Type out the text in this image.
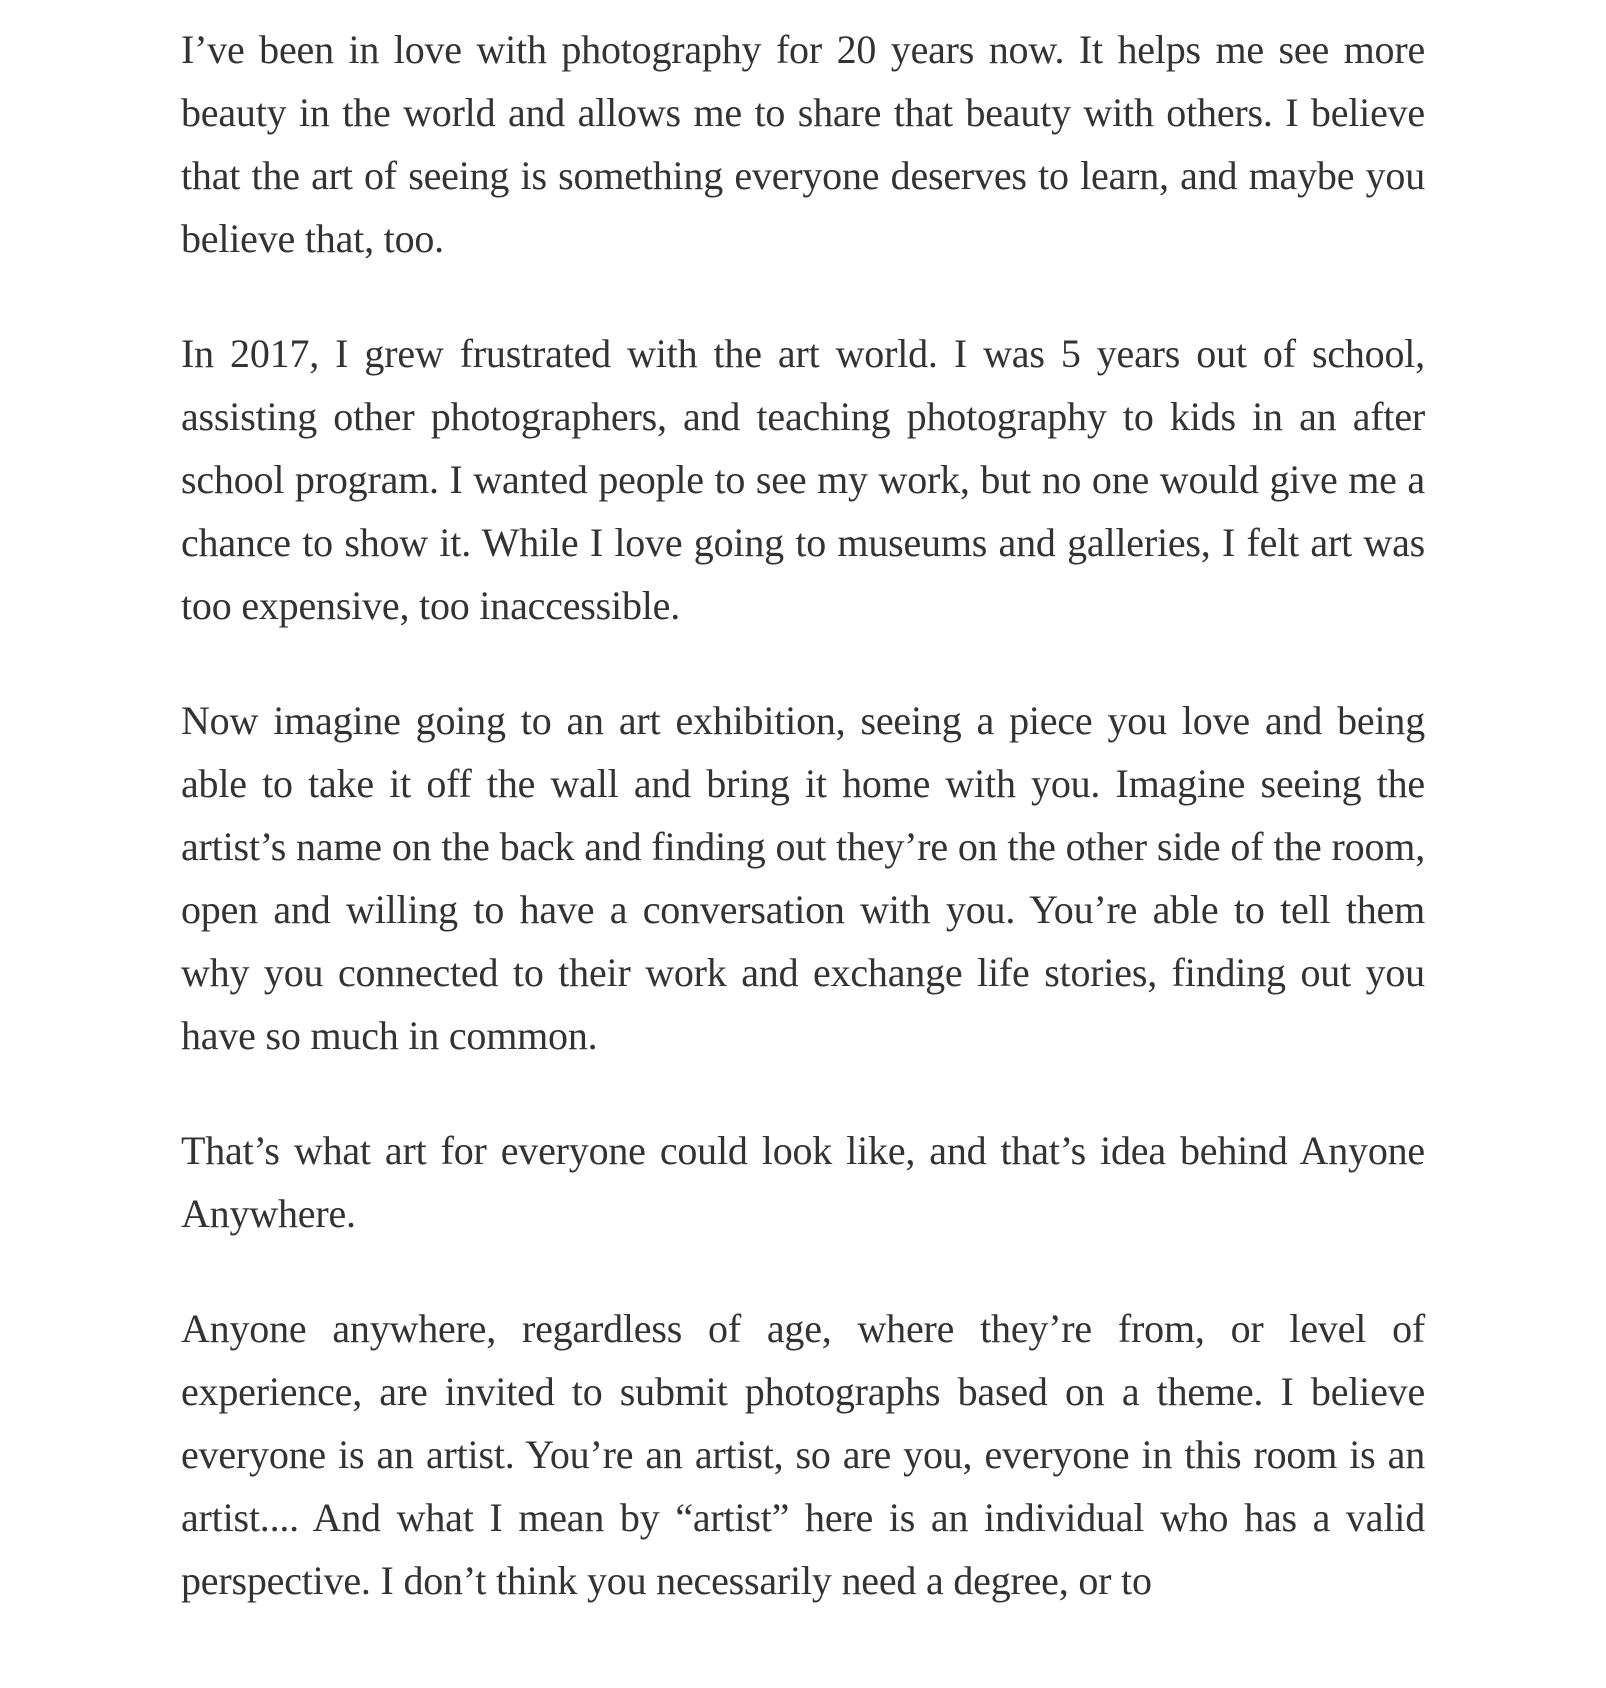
I’ve been in love with photography for 20 years now. It helps me see more beauty in the world and allows me to share that beauty with others. I believe that the art of seeing is something everyone deserves to learn, and maybe you believe that, too.

In 2017, I grew frustrated with the art world. I was 5 years out of school, assisting other photographers, and teaching photography to kids in an after school program. I wanted people to see my work, but no one would give me a chance to show it. While I love going to museums and galleries, I felt art was too expensive, too inaccessible.

Now imagine going to an art exhibition, seeing a piece you love and being able to take it off the wall and bring it home with you. Imagine seeing the artist’s name on the back and finding out they’re on the other side of the room, open and willing to have a conversation with you. You’re able to tell them why you connected to their work and exchange life stories, finding out you have so much in common.

That’s what art for everyone could look like, and that’s idea behind Anyone Anywhere.

Anyone anywhere, regardless of age, where they’re from, or level of experience, are invited to submit photographs based on a theme. I believe everyone is an artist. You’re an artist, so are you, everyone in this room is an artist.... And what I mean by “artist” here is an individual who has a valid perspective. I don’t think you necessarily need a degree, or to
